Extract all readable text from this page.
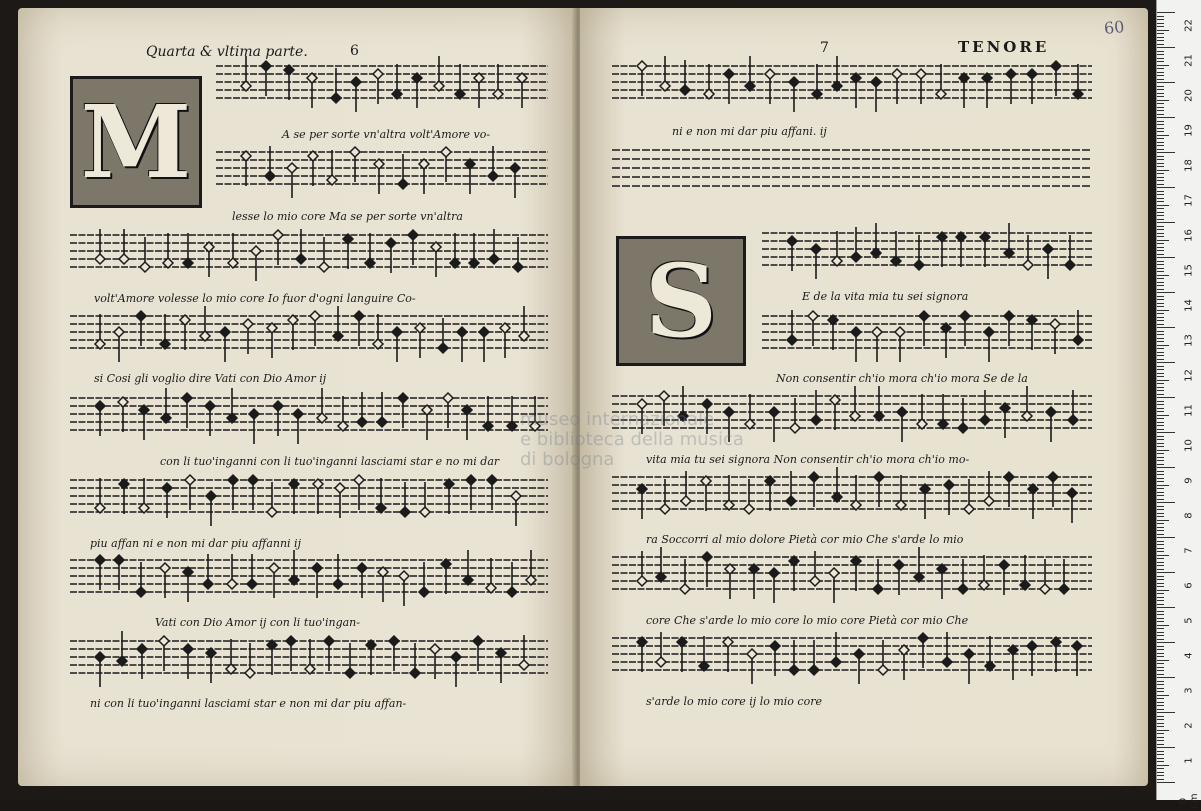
Quarta & vltima parte.	6
M
7	TENORE
60
S
A se per sorte vn'altra volt'Amore vo-
lesse lo mio core Ma se per sorte vn'altra
volt'Amore volesse lo mio core Io fuor d'ogni languire Co-
si Cosi gli voglio dire Vati con Dio Amor ij
con li tuo'inganni con li tuo'inganni lasciami star e no mi dar
piu affan ni e non mi dar piu affanni ij
Vati con Dio Amor ij con li tuo'ingan-
ni con li tuo'inganni lasciami star e non mi dar piu affan-
ni e non mi dar piu affani. ij
E de la vita mia tu sei signora
Non consentir ch'io mora ch'io mora Se de la
vita mia tu sei signora Non consentir ch'io mora ch'io mo-
ra Soccorri al mio dolore Pietà cor mio Che s'arde lo mio
core Che s'arde lo mio core lo mio core Pietà cor mio Che
s'arde lo mio core ij lo mio core
museo internazionale
e biblioteca della musica
di bologna
22
21
20
19
18
17
16
15
14
13
12
11
10
9
8
7
6
5
4
3
2
1
0 cm
